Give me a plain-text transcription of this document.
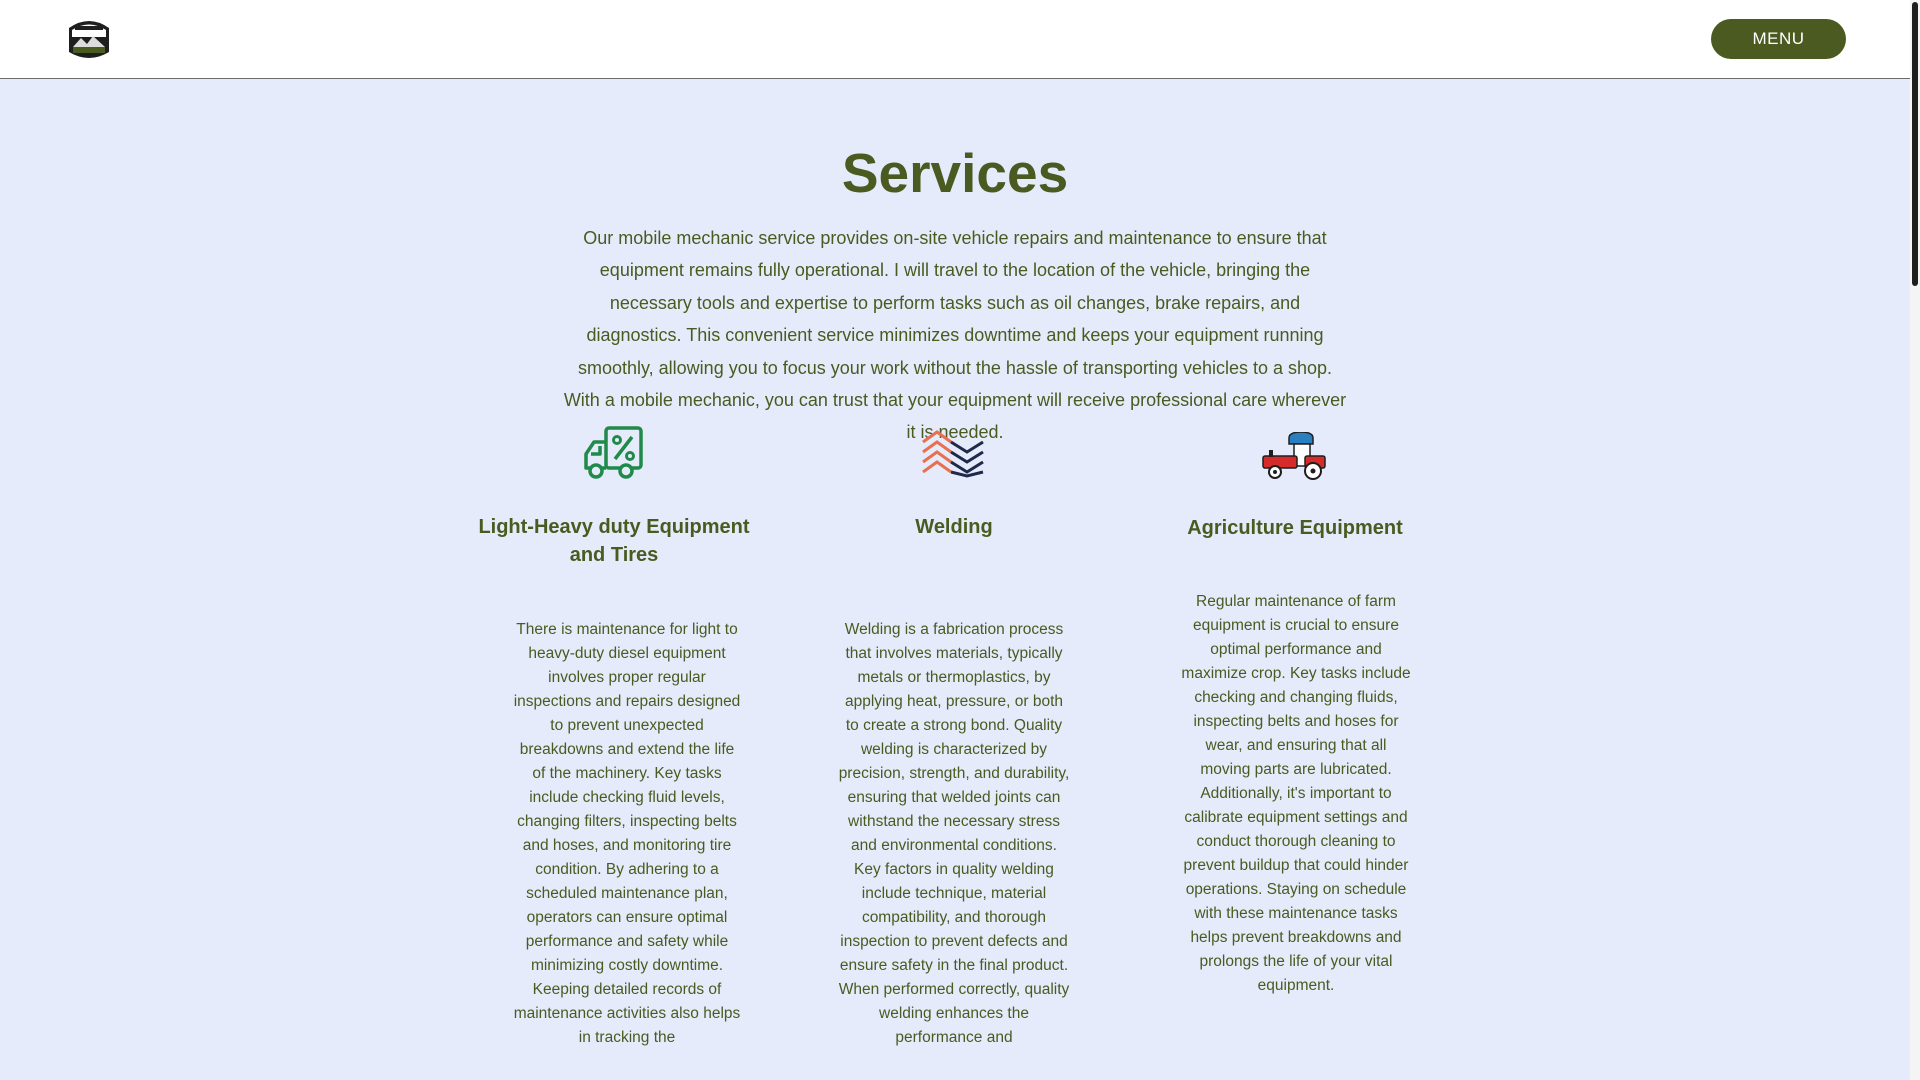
MENU
Services

Our mobile mechanic service provides on-site vehicle repairs and maintenance to ensure that equipment remains fully operational. I will travel to the location of the vehicle, bringing the necessary tools and expertise to perform tasks such as oil changes, brake repairs, and diagnostics. This convenient service minimizes downtime and keeps your equipment running smoothly, allowing you to focus your work without the hassle of transporting vehicles to a shop. With a mobile mechanic, you can trust that your equipment will receive professional care wherever it is needed.

Light-Heavy duty Equipment and Tires

There is maintenance for light to heavy-duty diesel equipment involves proper regular inspections and repairs designed to prevent unexpected breakdowns and extend the life of the machinery. Key tasks include checking fluid levels, changing filters, inspecting belts and hoses, and monitoring tire condition. By adhering to a scheduled maintenance plan, operators can ensure optimal performance and safety while minimizing costly downtime. Keeping detailed records of maintenance activities also helps in tracking the

Welding

Welding is a fabrication process that involves materials, typically metals or thermoplastics, by applying heat, pressure, or both to create a strong bond. Quality welding is characterized by precision, strength, and durability, ensuring that welded joints can withstand the necessary stress and environmental conditions. Key factors in quality welding include technique, material compatibility, and thorough inspection to prevent defects and ensure safety in the final product. When performed correctly, quality welding enhances the performance and

Agriculture Equipment

Regular maintenance of farm equipment is crucial to ensure optimal performance and maximize crop. Key tasks include checking and changing fluids, inspecting belts and hoses for wear, and ensuring that all moving parts are lubricated. Additionally, it's important to calibrate equipment settings and conduct thorough cleaning to prevent buildup that could hinder operations. Staying on schedule with these maintenance tasks helps prevent breakdowns and prolongs the life of your vital equipment.
